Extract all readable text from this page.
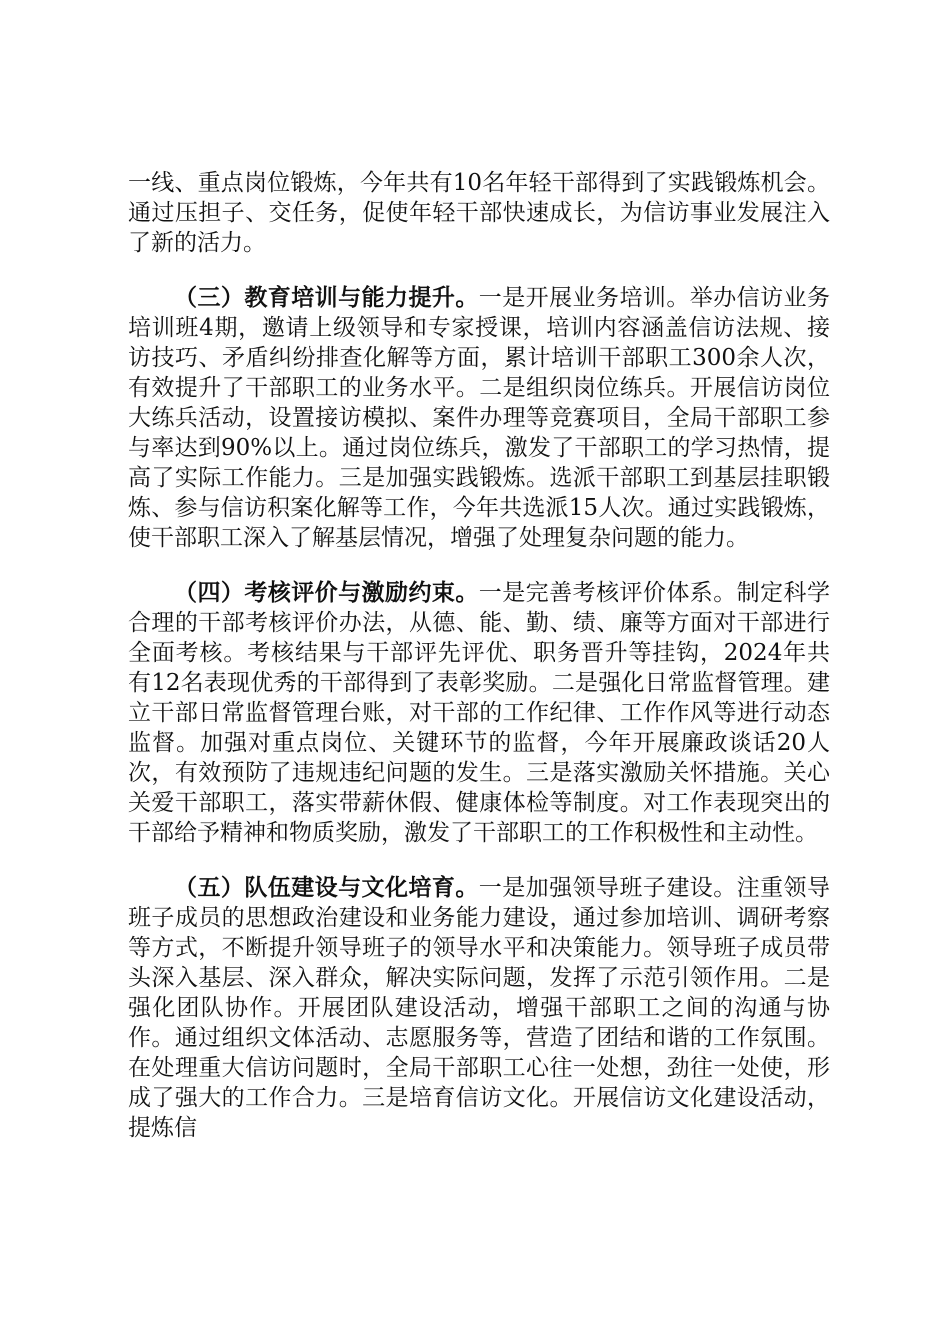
一线、重点岗位锻炼，今年共有10名年轻干部得到了实践锻炼机会。通过压担子、交任务，促使年轻干部快速成长，为信访事业发展注入了新的活力。

（三）教育培训与能力提升。一是开展业务培训。举办信访业务培训班4期，邀请上级领导和专家授课，培训内容涵盖信访法规、接访技巧、矛盾纠纷排查化解等方面，累计培训干部职工300余人次，有效提升了干部职工的业务水平。二是组织岗位练兵。开展信访岗位大练兵活动，设置接访模拟、案件办理等竞赛项目，全局干部职工参与率达到90%以上。通过岗位练兵，激发了干部职工的学习热情，提高了实际工作能力。三是加强实践锻炼。选派干部职工到基层挂职锻炼、参与信访积案化解等工作，今年共选派15人次。通过实践锻炼，使干部职工深入了解基层情况，增强了处理复杂问题的能力。

（四）考核评价与激励约束。一是完善考核评价体系。制定科学合理的干部考核评价办法，从德、能、勤、绩、廉等方面对干部进行全面考核。考核结果与干部评先评优、职务晋升等挂钩，2024年共有12名表现优秀的干部得到了表彰奖励。二是强化日常监督管理。建立干部日常监督管理台账，对干部的工作纪律、工作作风等进行动态监督。加强对重点岗位、关键环节的监督，今年开展廉政谈话20人次，有效预防了违规违纪问题的发生。三是落实激励关怀措施。关心关爱干部职工，落实带薪休假、健康体检等制度。对工作表现突出的干部给予精神和物质奖励，激发了干部职工的工作积极性和主动性。

（五）队伍建设与文化培育。一是加强领导班子建设。注重领导班子成员的思想政治建设和业务能力建设，通过参加培训、调研考察等方式，不断提升领导班子的领导水平和决策能力。领导班子成员带头深入基层、深入群众，解决实际问题，发挥了示范引领作用。二是强化团队协作。开展团队建设活动，增强干部职工之间的沟通与协作。通过组织文体活动、志愿服务等，营造了团结和谐的工作氛围。在处理重大信访问题时，全局干部职工心往一处想，劲往一处使，形成了强大的工作合力。三是培育信访文化。开展信访文化建设活动，提炼信
